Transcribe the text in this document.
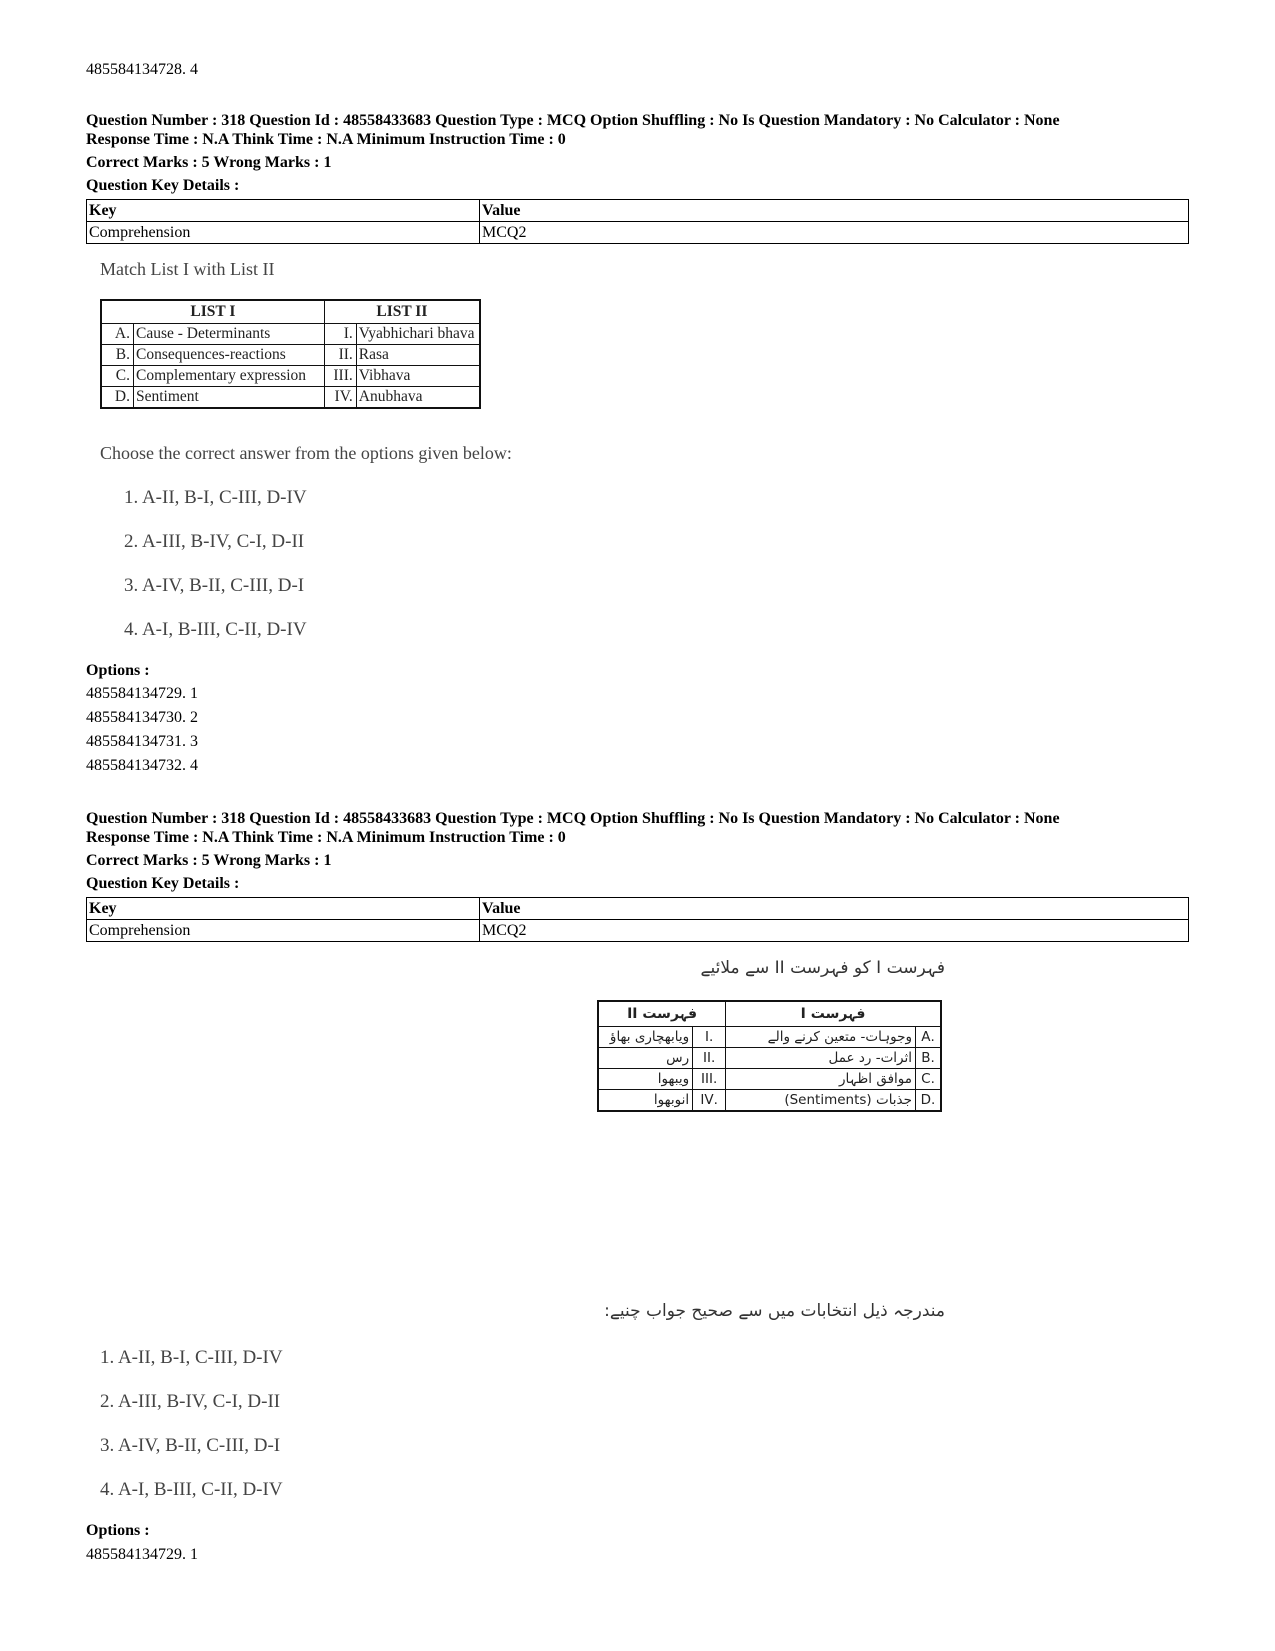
485584134728. 4
Question Number : 318 Question Id : 48558433683 Question Type : MCQ Option Shuffling : No Is Question Mandatory : No Calculator : None
Response Time : N.A Think Time : N.A Minimum Instruction Time : 0
Correct Marks : 5 Wrong Marks : 1
Question Key Details :
Key	Value
Comprehension	MCQ2
Match List I with List II
LIST I		LIST II	
A.	Cause - Determinants	I.	Vyabhichari bhava
B.	Consequences-reactions	II.	Rasa
C.	Complementary expression	III.	Vibhava
D.	Sentiment	IV.	Anubhava
Choose the correct answer from the options given below:
1. A-II, B-I, C-III, D-IV
2. A-III, B-IV, C-I, D-II
3. A-IV, B-II, C-III, D-I
4. A-I, B-III, C-II, D-IV
Options :
485584134729. 1
485584134730. 2
485584134731. 3
485584134732. 4
Question Number : 318 Question Id : 48558433683 Question Type : MCQ Option Shuffling : No Is Question Mandatory : No Calculator : None
Response Time : N.A Think Time : N.A Minimum Instruction Time : 0
Correct Marks : 5 Wrong Marks : 1
Question Key Details :
Key	Value
Comprehension	MCQ2
فہرست I کو فہرست II سے ملائیے
فہرست I		فہرست II	
.A	وجوہات- متعین کرنے والے	.I	ویابھچاری بھاؤ
.B	اثرات- رد عمل	.II	رس
.C	موافق اظہار	.III	ویبھوا
.D	جذبات (Sentiments)	.IV	انوبھوا
مندرجہ ذیل انتخابات میں سے صحیح جواب چنیے:
1. A-II, B-I, C-III, D-IV
2. A-III, B-IV, C-I, D-II
3. A-IV, B-II, C-III, D-I
4. A-I, B-III, C-II, D-IV
Options :
485584134729. 1
